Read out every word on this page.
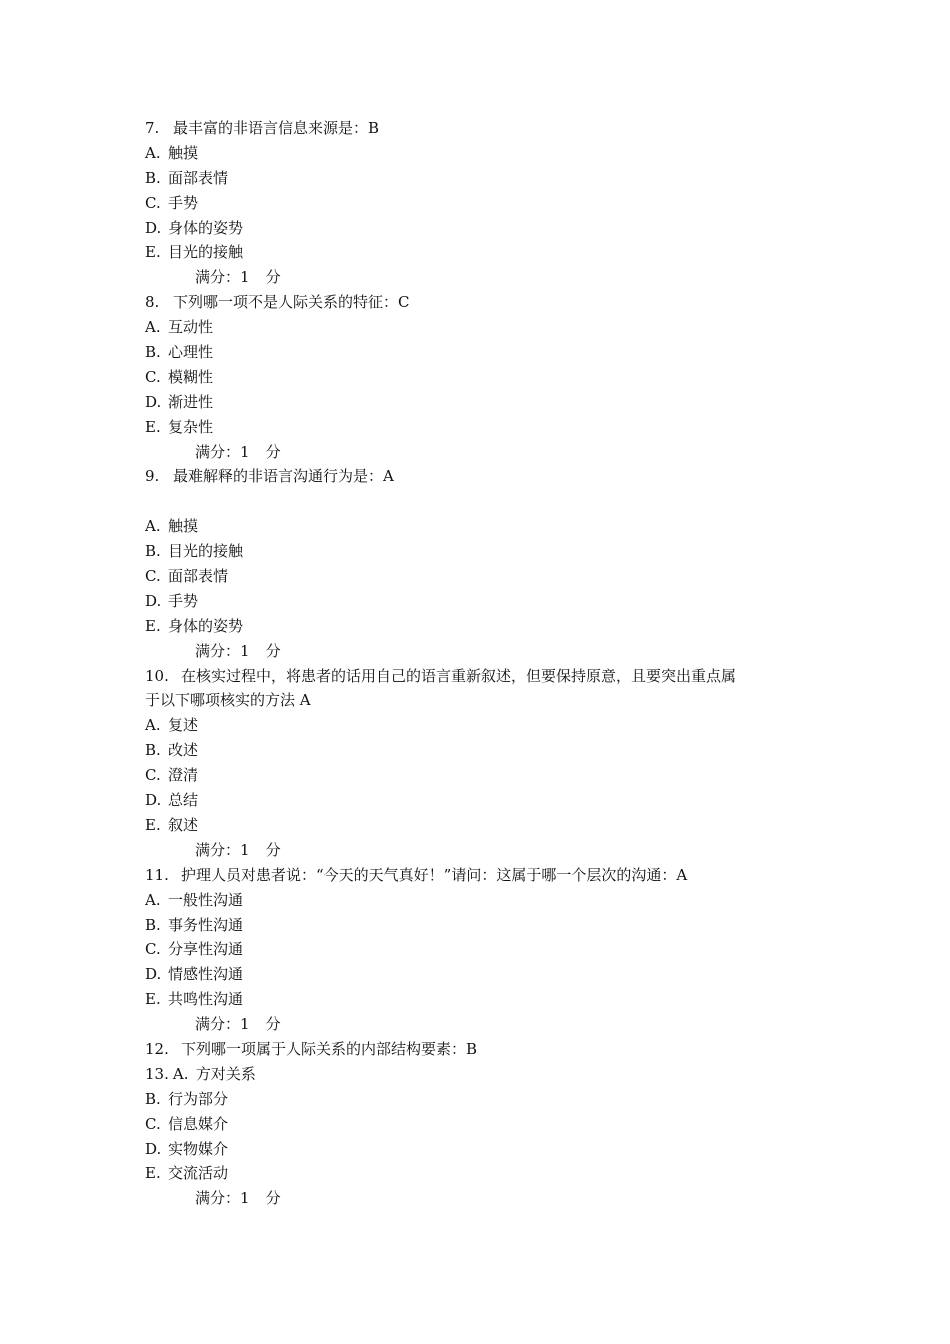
7. 最丰富的非语言信息来源是：B
A. 触摸
B. 面部表情
C. 手势
D. 身体的姿势
E. 目光的接触
满分：1 分
8. 下列哪一项不是人际关系的特征：C
A. 互动性
B. 心理性
C. 模糊性
D. 渐进性
E. 复杂性
满分：1 分
9. 最难解释的非语言沟通行为是：A
A. 触摸
B. 目光的接触
C. 面部表情
D. 手势
E. 身体的姿势
满分：1 分
10. 在核实过程中，将患者的话用自己的语言重新叙述，但要保持原意，且要突出重点属
于以下哪项核实的方法 A
A. 复述
B. 改述
C. 澄清
D. 总结
E. 叙述
满分：1 分
11. 护理人员对患者说：“今天的天气真好！”请问：这属于哪一个层次的沟通：A
A. 一般性沟通
B. 事务性沟通
C. 分享性沟通
D. 情感性沟通
E. 共鸣性沟通
满分：1 分
12. 下列哪一项属于人际关系的内部结构要素：B
13. A. 方对关系
B. 行为部分
C. 信息媒介
D. 实物媒介
E. 交流活动
满分：1 分
